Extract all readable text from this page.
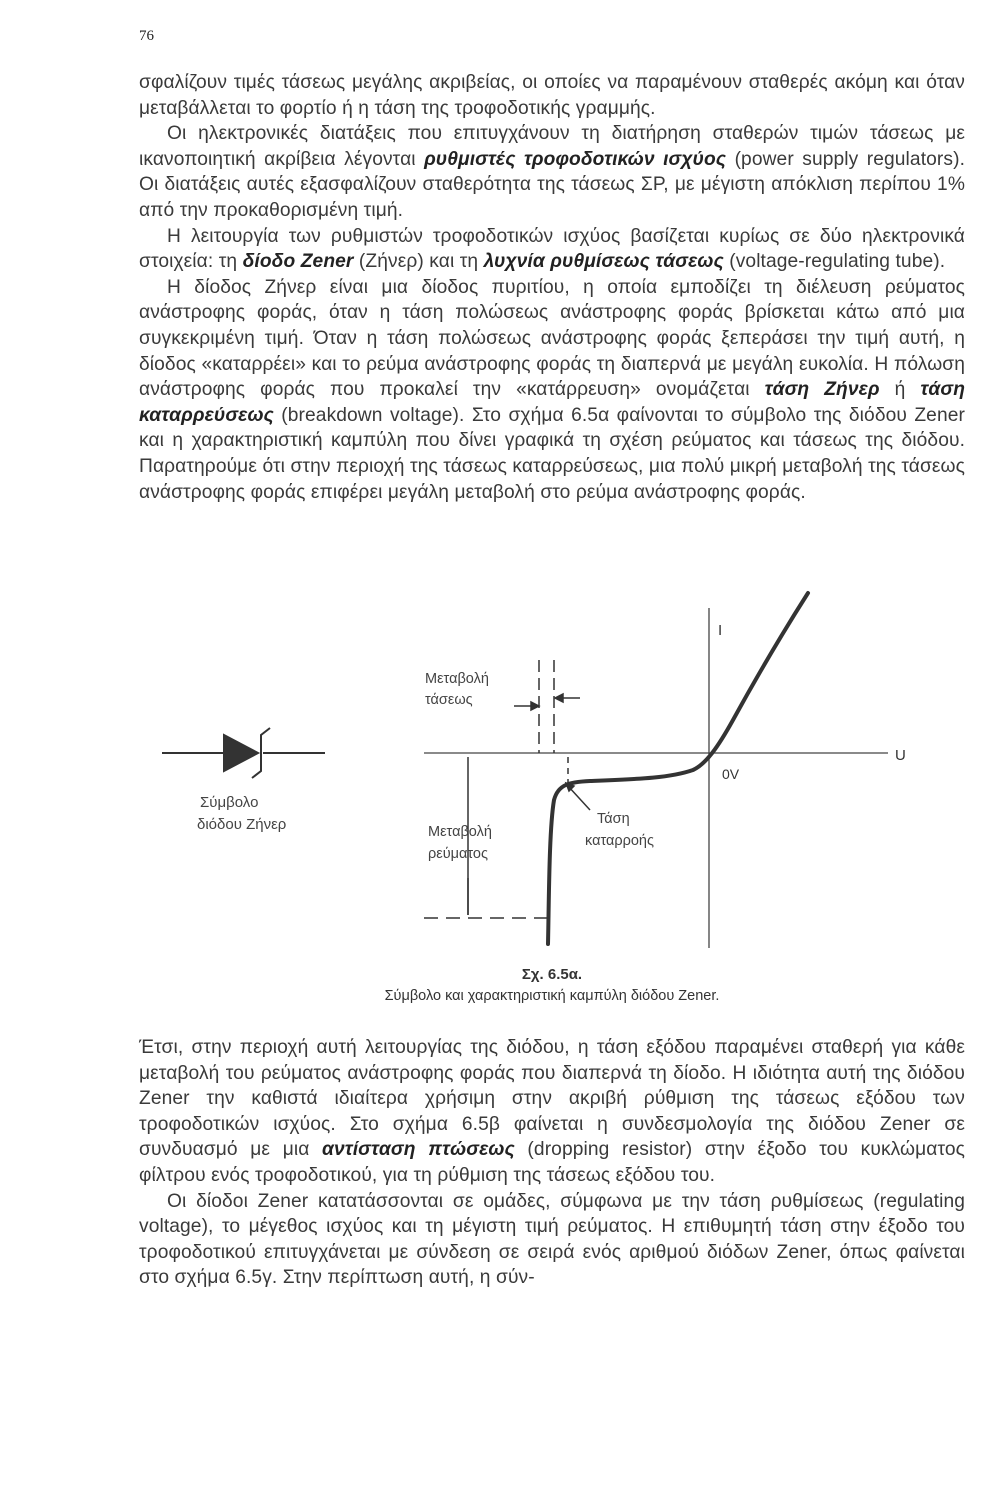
76

σφαλίζουν τιμές τάσεως μεγάλης ακριβείας, οι οποίες να παραμένουν σταθερές ακόμη και όταν μεταβάλλεται το φορτίο ή η τάση της τροφοδοτικής γραμμής.

Οι ηλεκτρονικές διατάξεις που επιτυγχάνουν τη διατήρηση σταθερών τιμών τάσεως με ικανοποιητική ακρίβεια λέγονται ρυθμιστές τροφοδοτικών ισχύος (power supply regulators). Οι διατάξεις αυτές εξασφαλίζουν σταθερότητα της τάσεως ΣΡ, με μέγιστη απόκλιση περίπου 1% από την προκαθορισμένη τιμή.

Η λειτουργία των ρυθμιστών τροφοδοτικών ισχύος βασίζεται κυρίως σε δύο ηλεκτρονικά στοιχεία: τη δίοδο Zener (Ζήνερ) και τη λυχνία ρυθμίσεως τάσεως (voltage-regulating tube).

Η δίοδος Ζήνερ είναι μια δίοδος πυριτίου, η οποία εμποδίζει τη διέλευση ρεύματος ανάστροφης φοράς, όταν η τάση πολώσεως ανάστροφης φοράς βρίσκεται κάτω από μια συγκεκριμένη τιμή. Όταν η τάση πολώσεως ανάστροφης φοράς ξεπεράσει την τιμή αυτή, η δίοδος «καταρρέει» και το ρεύμα ανάστροφης φοράς τη διαπερνά με μεγάλη ευκολία. Η πόλωση ανάστροφης φοράς που προκαλεί την «κατάρρευση» ονομάζεται τάση Ζήνερ ή τάση καταρρεύσεως (breakdown voltage). Στο σχήμα 6.5α φαίνονται το σύμβολο της διόδου Zener και η χαρακτηριστική καμπύλη που δίνει γραφικά τη σχέση ρεύματος και τάσεως της διόδου. Παρατηρούμε ότι στην περιοχή της τάσεως καταρρεύσεως, μια πολύ μικρή μεταβολή της τάσεως ανάστροφης φοράς επιφέρει μεγάλη μεταβολή στο ρεύμα ανάστροφης φοράς.

Σύμβολο
διόδου Ζήνερ
I
U
0V
Μεταβολή
τάσεως
Μεταβολή
ρεύματος
Τάση
καταρροής
Σχ. 6.5α.
Σύμβολο και χαρακτηριστική καμπύλη διόδου Zener.

Έτσι, στην περιοχή αυτή λειτουργίας της διόδου, η τάση εξόδου παραμένει σταθερή για κάθε μεταβολή του ρεύματος ανάστροφης φοράς που διαπερνά τη δίοδο. Η ιδιότητα αυτή της διόδου Zener την καθιστά ιδιαίτερα χρήσιμη στην ακριβή ρύθμιση της τάσεως εξόδου των τροφοδοτικών ισχύος. Στο σχήμα 6.5β φαίνεται η συνδεσμολογία της διόδου Zener σε συνδυασμό με μια αντίσταση πτώσεως (dropping resistor) στην έξοδο του κυκλώματος φίλτρου ενός τροφοδοτικού, για τη ρύθμιση της τάσεως εξόδου του.

Οι δίοδοι Zener κατατάσσονται σε ομάδες, σύμφωνα με την τάση ρυθμίσεως (regulating voltage), το μέγεθος ισχύος και τη μέγιστη τιμή ρεύματος. Η επιθυμητή τάση στην έξοδο του τροφοδοτικού επιτυγχάνεται με σύνδεση σε σειρά ενός αριθμού διόδων Zener, όπως φαίνεται στο σχήμα 6.5γ. Στην περίπτωση αυτή, η σύν-
